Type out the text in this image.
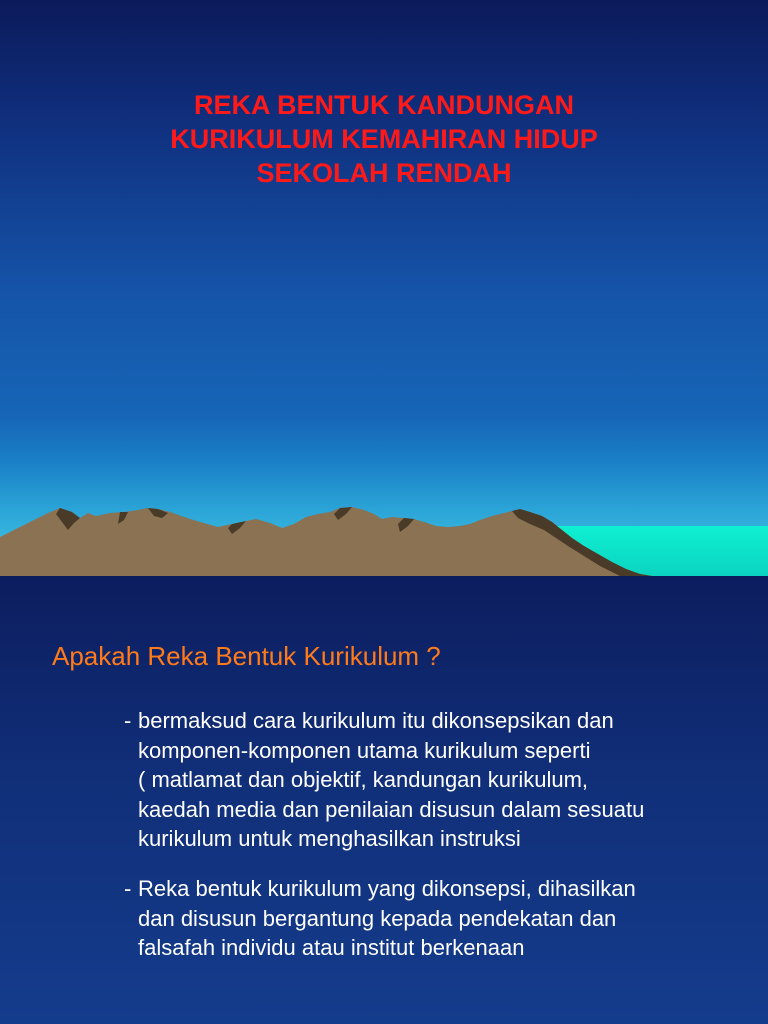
REKA BENTUK KANDUNGAN
KURIKULUM KEMAHIRAN HIDUP
SEKOLAH RENDAH
Apakah Reka Bentuk Kurikulum ?

- bermaksud cara kurikulum itu dikonsepsikan dan
komponen-komponen utama kurikulum seperti
( matlamat dan objektif, kandungan kurikulum,
kaedah media dan penilaian disusun dalam sesuatu
kurikulum untuk menghasilkan instruksi

- Reka bentuk kurikulum yang dikonsepsi, dihasilkan
dan disusun bergantung kepada pendekatan dan
falsafah individu atau institut berkenaan
